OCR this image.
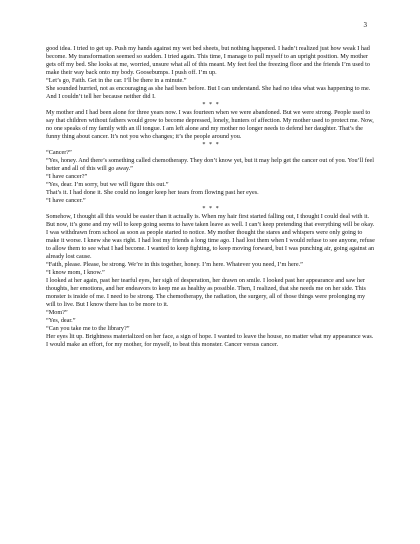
3

good idea. I tried to get up. Push my hands against my wet bed sheets, but nothing happened. I hadn’t realized just how weak I had become. My transformation seemed so sudden. I tried again. This time, I manage to pull myself to an upright position. My mother gets off my bed. She looks at me, worried, unsure what all of this meant. My feet feel the freezing floor and the friends I’m used to make their way back onto my body. Goosebumps. I push off. I’m up.

“Let’s go, Faith. Get in the car. I’ll be there in a minute.”

She sounded hurried, not as encouraging as she had been before. But I can understand. She had no idea what was happening to me. And I couldn’t tell her because neither did I.

* * *

My mother and I had been alone for three years now. I was fourteen when we were abandoned. But we were strong. People used to say that children without fathers would grow to become depressed, lonely, hunters of affection. My mother used to protect me. Now, no one speaks of my family with an ill tongue. I am left alone and my mother no longer needs to defend her daughter. That’s the funny thing about cancer. It’s not you who changes; it’s the people around you.

* * *

“Cancer?”

“Yes, honey. And there’s something called chemotherapy. They don’t know yet, but it may help get the cancer out of you. You’ll feel better and all of this will go away.”

“I have cancer?”

“Yes, dear. I’m sorry, but we will figure this out.”

That’s it. I had done it. She could no longer keep her tears from flowing past her eyes.

“I have cancer.”

* * *

Somehow, I thought all this would be easier than it actually is. When my hair first started falling out, I thought I could deal with it. But now, it’s gone and my will to keep going seems to have taken leave as well. I can’t keep pretending that everything will be okay. I was withdrawn from school as soon as people started to notice. My mother thought the stares and whispers were only going to make it worse. I knew she was right. I had lost my friends a long time ago. I had lost them when I would refuse to see anyone, refuse to allow them to see what I had become. I wanted to keep fighting, to keep moving forward, but I was punching air, going against an already lost cause.

“Faith, please. Please, be strong. We’re in this together, honey. I’m here. Whatever you need, I’m here.”

“I know mom, I know.”

I looked at her again, past her tearful eyes, her sigh of desperation, her drawn on smile. I looked past her appearance and saw her thoughts, her emotions, and her endeavors to keep me as healthy as possible. Then, I realized, that she needs me on her side. This monster is inside of me. I need to be strong. The chemotherapy, the radiation, the surgery, all of those things were prolonging my will to live. But I know there has to be more to it.

“Mom?”

“Yes, dear.”

“Can you take me to the library?”

Her eyes lit up. Brightness materialized on her face, a sign of hope. I wanted to leave the house, no matter what my appearance was. I would make an effort, for my mother, for myself, to beat this monster. Cancer versus cancer.
